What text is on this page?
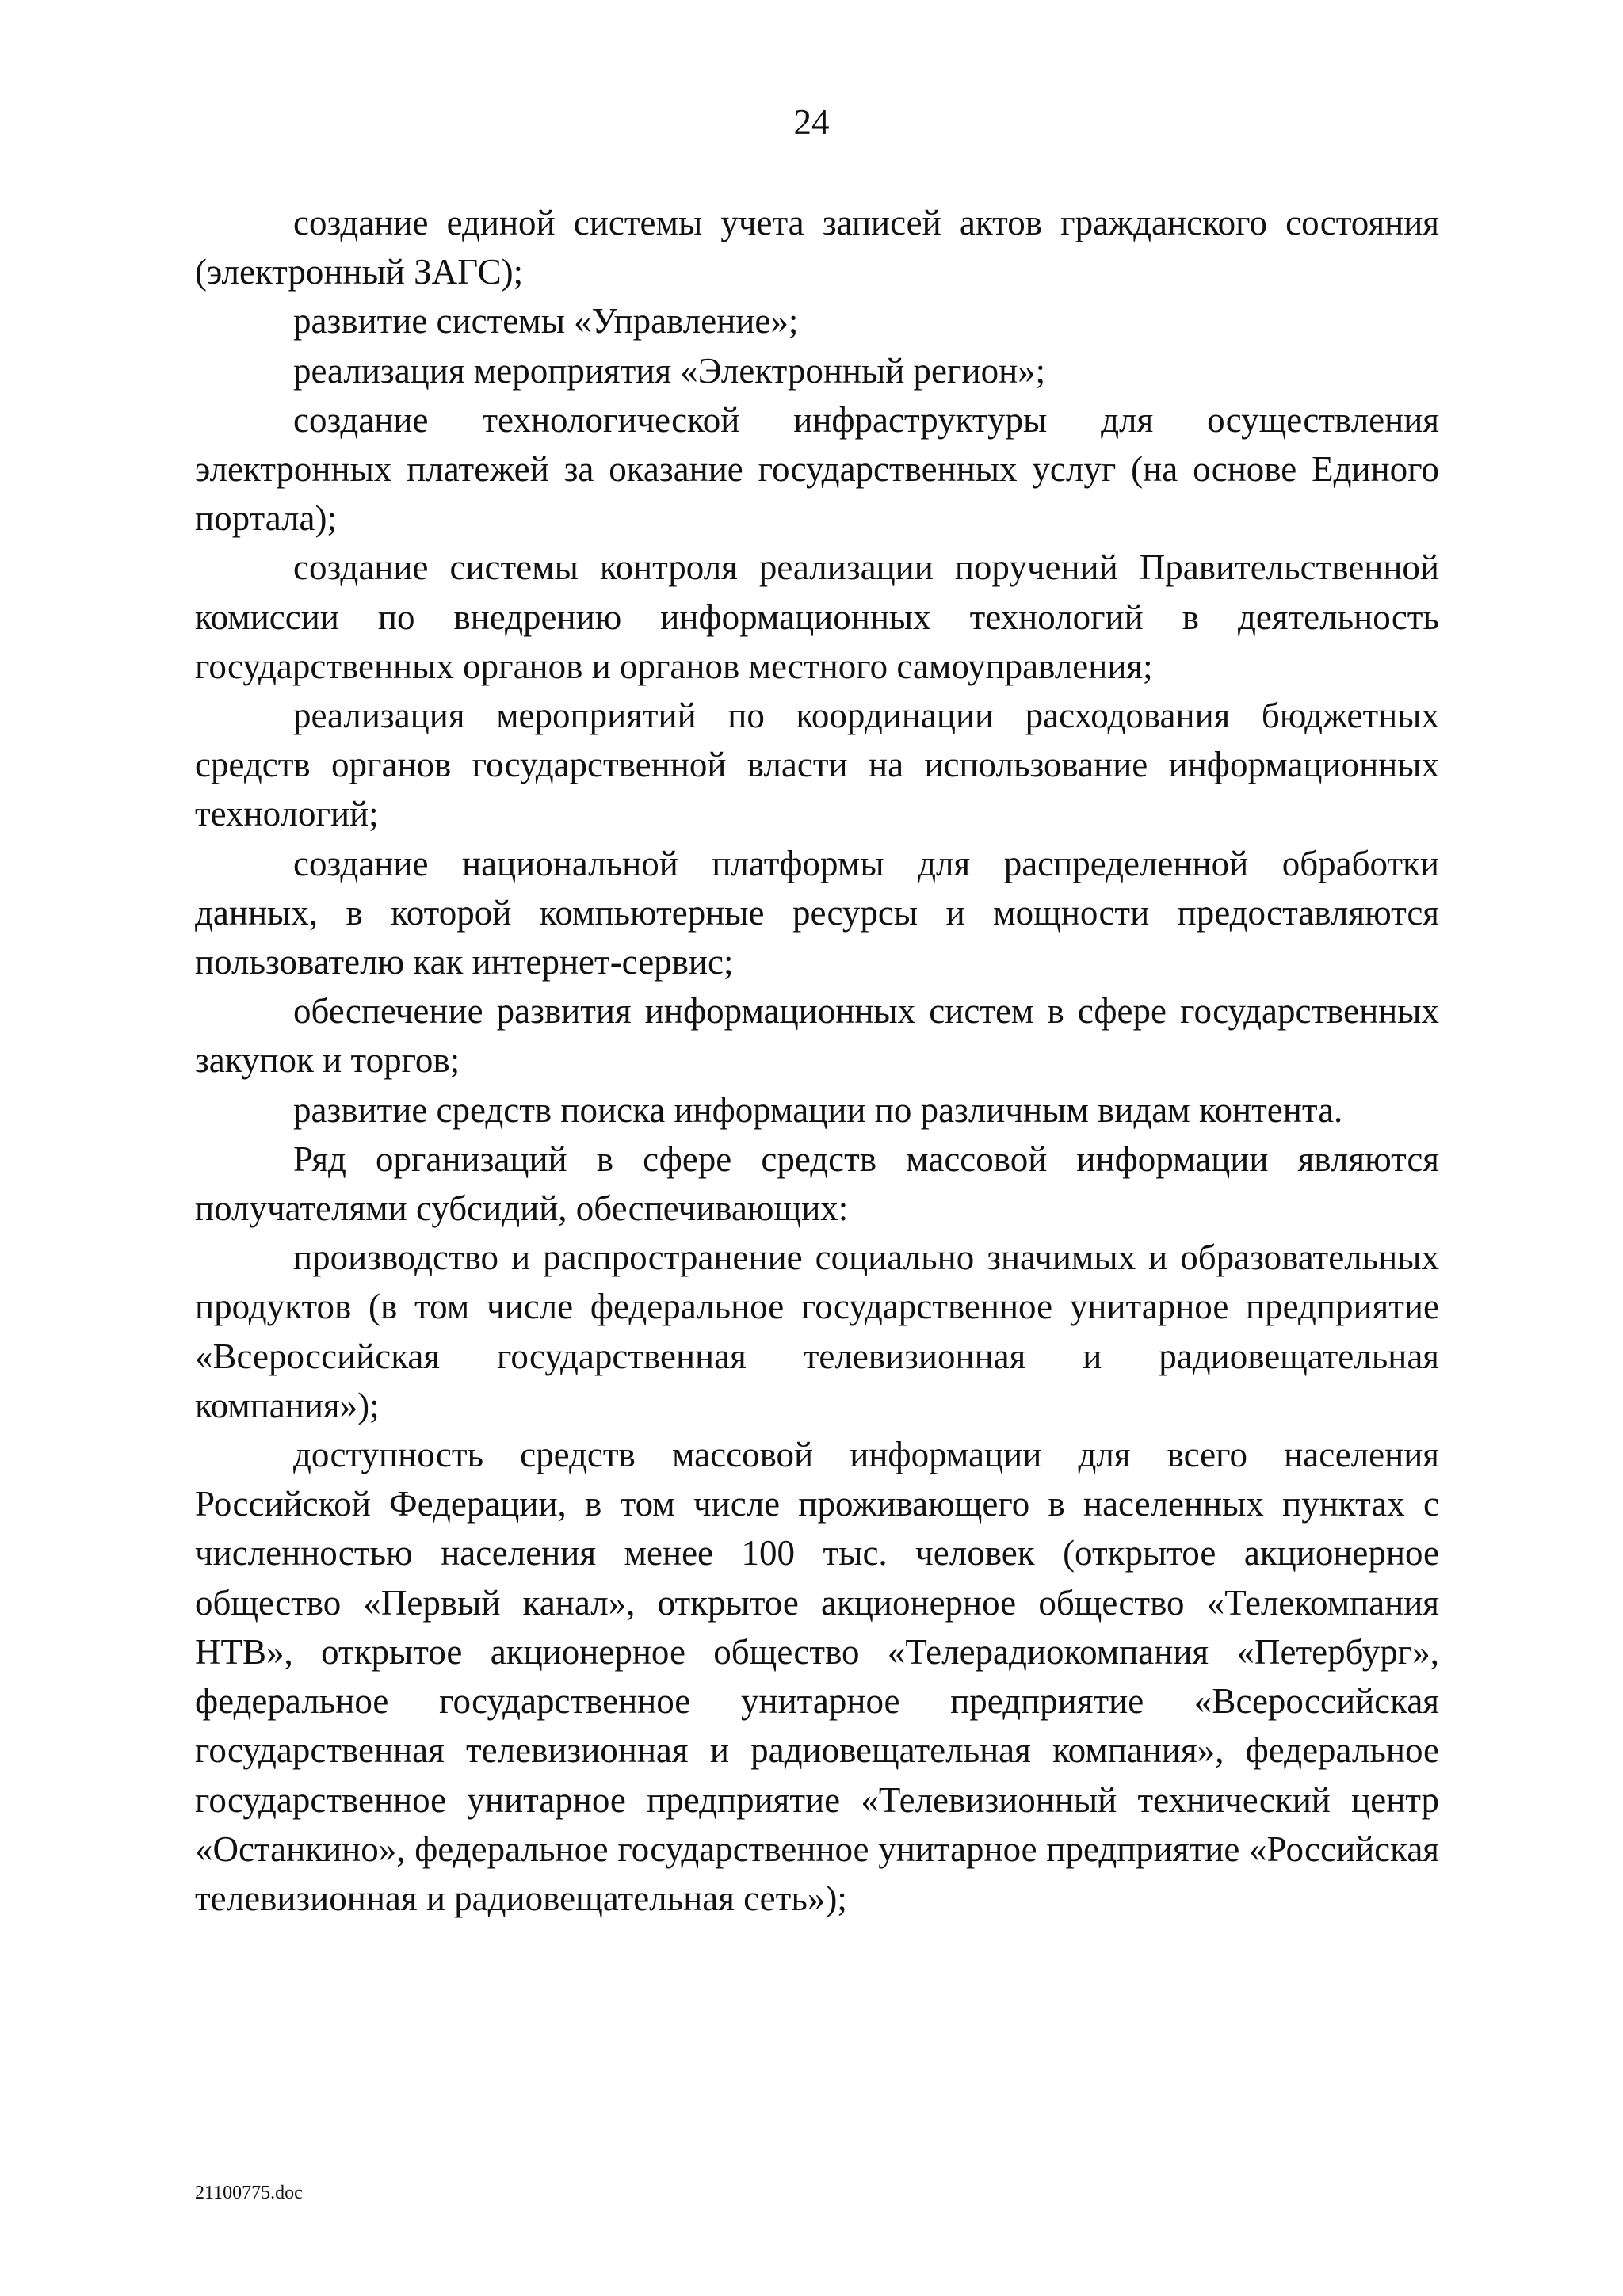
24

создание единой системы учета записей актов гражданского состояния (электронный ЗАГС);

развитие системы «Управление»;

реализация мероприятия «Электронный регион»;

создание технологической инфраструктуры для осуществления электронных платежей за оказание государственных услуг (на основе Единого портала);

создание системы контроля реализации поручений Правительственной комиссии по внедрению информационных технологий в деятельность государственных органов и органов местного самоуправления;

реализация мероприятий по координации расходования бюджетных средств органов государственной власти на использование информационных технологий;

создание национальной платформы для распределенной обработки данных, в которой компьютерные ресурсы и мощности предоставляются пользователю как интернет-сервис;

обеспечение развития информационных систем в сфере государственных закупок и торгов;

развитие средств поиска информации по различным видам контента.

Ряд организаций в сфере средств массовой информации являются получателями субсидий, обеспечивающих:

производство и распространение социально значимых и образовательных продуктов (в том числе федеральное государственное унитарное предприятие «Всероссийская государственная телевизионная и радиовещательная компания»);

доступность средств массовой информации для всего населения Российской Федерации, в том числе проживающего в населенных пунктах с численностью населения менее 100 тыс. человек (открытое акционерное общество «Первый канал», открытое акционерное общество «Телекомпания НТВ», открытое акционерное общество «Телерадиокомпания «Петербург», федеральное государственное унитарное предприятие «Всероссийская государственная телевизионная и радиовещательная компания», федеральное государственное унитарное предприятие «Телевизионный технический центр «Останкино», федеральное государственное унитарное предприятие «Российская телевизионная и радиовещательная сеть»);

21100775.doc
